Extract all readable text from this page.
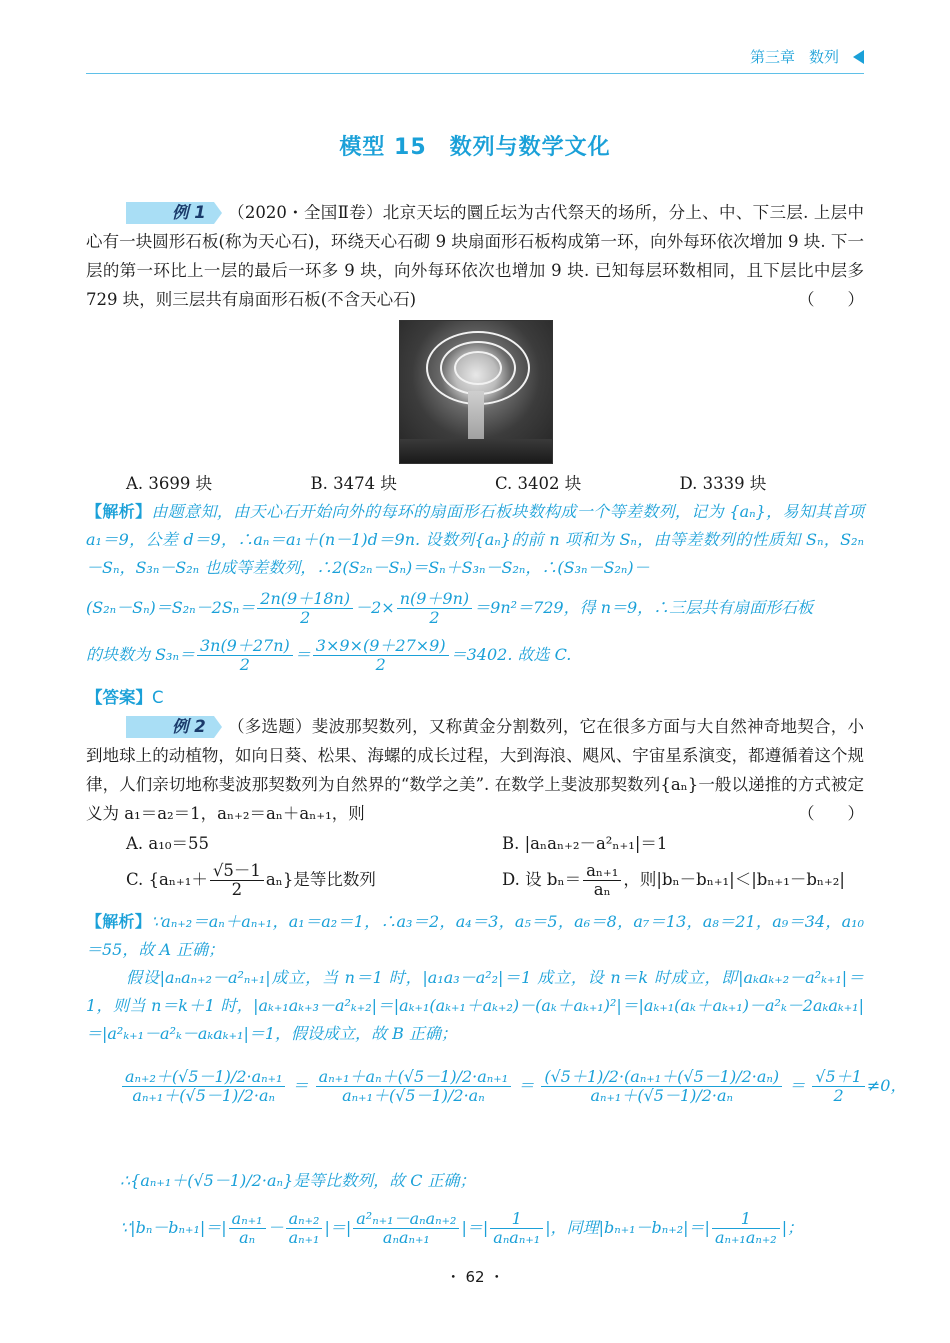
第三章 数列
模型 15　数列与数学文化

例 1 （2020・全国Ⅱ卷）北京天坛的圜丘坛为古代祭天的场所，分上、中、下三层. 上层中心有一块圆形石板(称为天心石)，环绕天心石砌 9 块扇面形石板构成第一环，向外每环依次增加 9 块. 下一层的第一环比上一层的最后一环多 9 块，向外每环依次也增加 9 块. 已知每层环数相同，且下层比中层多 729 块，则三层共有扇面形石板(不含天心石)	（　　）

A. 3699 块	B. 3474 块	C. 3402 块	D. 3339 块

【解析】由题意知，由天心石开始向外的每环的扇面形石板块数构成一个等差数列，记为 {aₙ}，易知其首项 a₁＝9，公差 d＝9，∴aₙ＝a₁＋(n－1)d＝9n. 设数列{aₙ}的前 n 项和为 Sₙ，由等差数列的性质知 Sₙ，S₂ₙ－Sₙ，S₃ₙ－S₂ₙ 也成等差数列，∴2(S₂ₙ－Sₙ)＝Sₙ＋S₃ₙ－S₂ₙ，∴(S₃ₙ－S₂ₙ)－

$(S_{2n}-S_n)=S_{2n}-2S_n= \frac{2n(9+18n)}{2} -2\times \frac{n(9+9n)}{2} =9n^2=729$，得 n＝9，∴三层共有扇面形石板

的块数为 $S_{3n}= \frac{3n(9+27n)}{2} = \frac{3\times 9\times(9+27\times 9)}{2} =3402$. 故选 C.

【答案】C

例 2 （多选题）斐波那契数列，又称黄金分割数列，它在很多方面与大自然神奇地契合，小到地球上的动植物，如向日葵、松果、海螺的成长过程，大到海浪、飓风、宇宙星系演变，都遵循着这个规律，人们亲切地称斐波那契数列为自然界的“数学之美”. 在数学上斐波那契数列{aₙ}一般以递推的方式被定义为 a₁＝a₂＝1，aₙ₊₂＝aₙ＋aₙ₊₁，则	（　　）

A. a₁₀＝55	B. |aₙaₙ₊₂－a²ₙ₊₁|＝1
C. $\{a_{n+1}+ \frac{√5-1}{2} a_n\}$是等比数列	D. 设 $b_n= \frac{\text{aₙ₊₁}}{\text{aₙ}}$ ，则|bₙ－bₙ₊₁|＜|bₙ₊₁－bₙ₊₂|

【解析】∵aₙ₊₂＝aₙ＋aₙ₊₁，a₁＝a₂＝1，∴a₃＝2，a₄＝3，a₅＝5，a₆＝8，a₇＝13，a₈＝21，a₉＝34，a₁₀＝55，故 A 正确；

假设|aₙaₙ₊₂－a²ₙ₊₁|成立，当 n＝1 时，|a₁a₃－a²₂|＝1 成立，设 n＝k 时成立，即|aₖaₖ₊₂－a²ₖ₊₁|＝1，则当 n＝k＋1 时，|aₖ₊₁aₖ₊₃－a²ₖ₊₂|＝|aₖ₊₁(aₖ₊₁＋aₖ₊₂)－(aₖ＋aₖ₊₁)²|＝|aₖ₊₁(aₖ＋aₖ₊₁)－a²ₖ－2aₖaₖ₊₁|＝|a²ₖ₊₁－a²ₖ－aₖaₖ₊₁|＝1，假设成立，故 B 正确；

$\frac{\text{aₙ₊₂＋(√5－1)/2·aₙ₊₁}}{\text{aₙ₊₁＋(√5－1)/2·aₙ}} = \frac{\text{aₙ₊₁＋aₙ＋(√5－1)/2·aₙ₊₁}}{\text{aₙ₊₁＋(√5－1)/2·aₙ}} = \frac{\text{(√5＋1)/2·(aₙ₊₁＋(√5－1)/2·aₙ)}}{\text{aₙ₊₁＋(√5－1)/2·aₙ}} = \frac{√5+1}{2} \ne 0$，
∴{aₙ₊₁＋(√5－1)/2·aₙ}是等比数列，故 C 正确；
∵|bₙ－bₙ₊₁|＝| $\frac{\text{aₙ₊₁}}{\text{aₙ}} - \frac{\text{aₙ₊₂}}{\text{aₙ₊₁}}$ |＝| $\frac{\text{a²ₙ₊₁－aₙaₙ₊₂}}{\text{aₙaₙ₊₁}}$ |＝| $\frac{1}{\text{aₙaₙ₊₁}}$ |，同理$|b_{n+1}-b_{n+2}|=| \frac{1}{\text{aₙ₊₁aₙ₊₂}}$ |；
・ 62 ・
